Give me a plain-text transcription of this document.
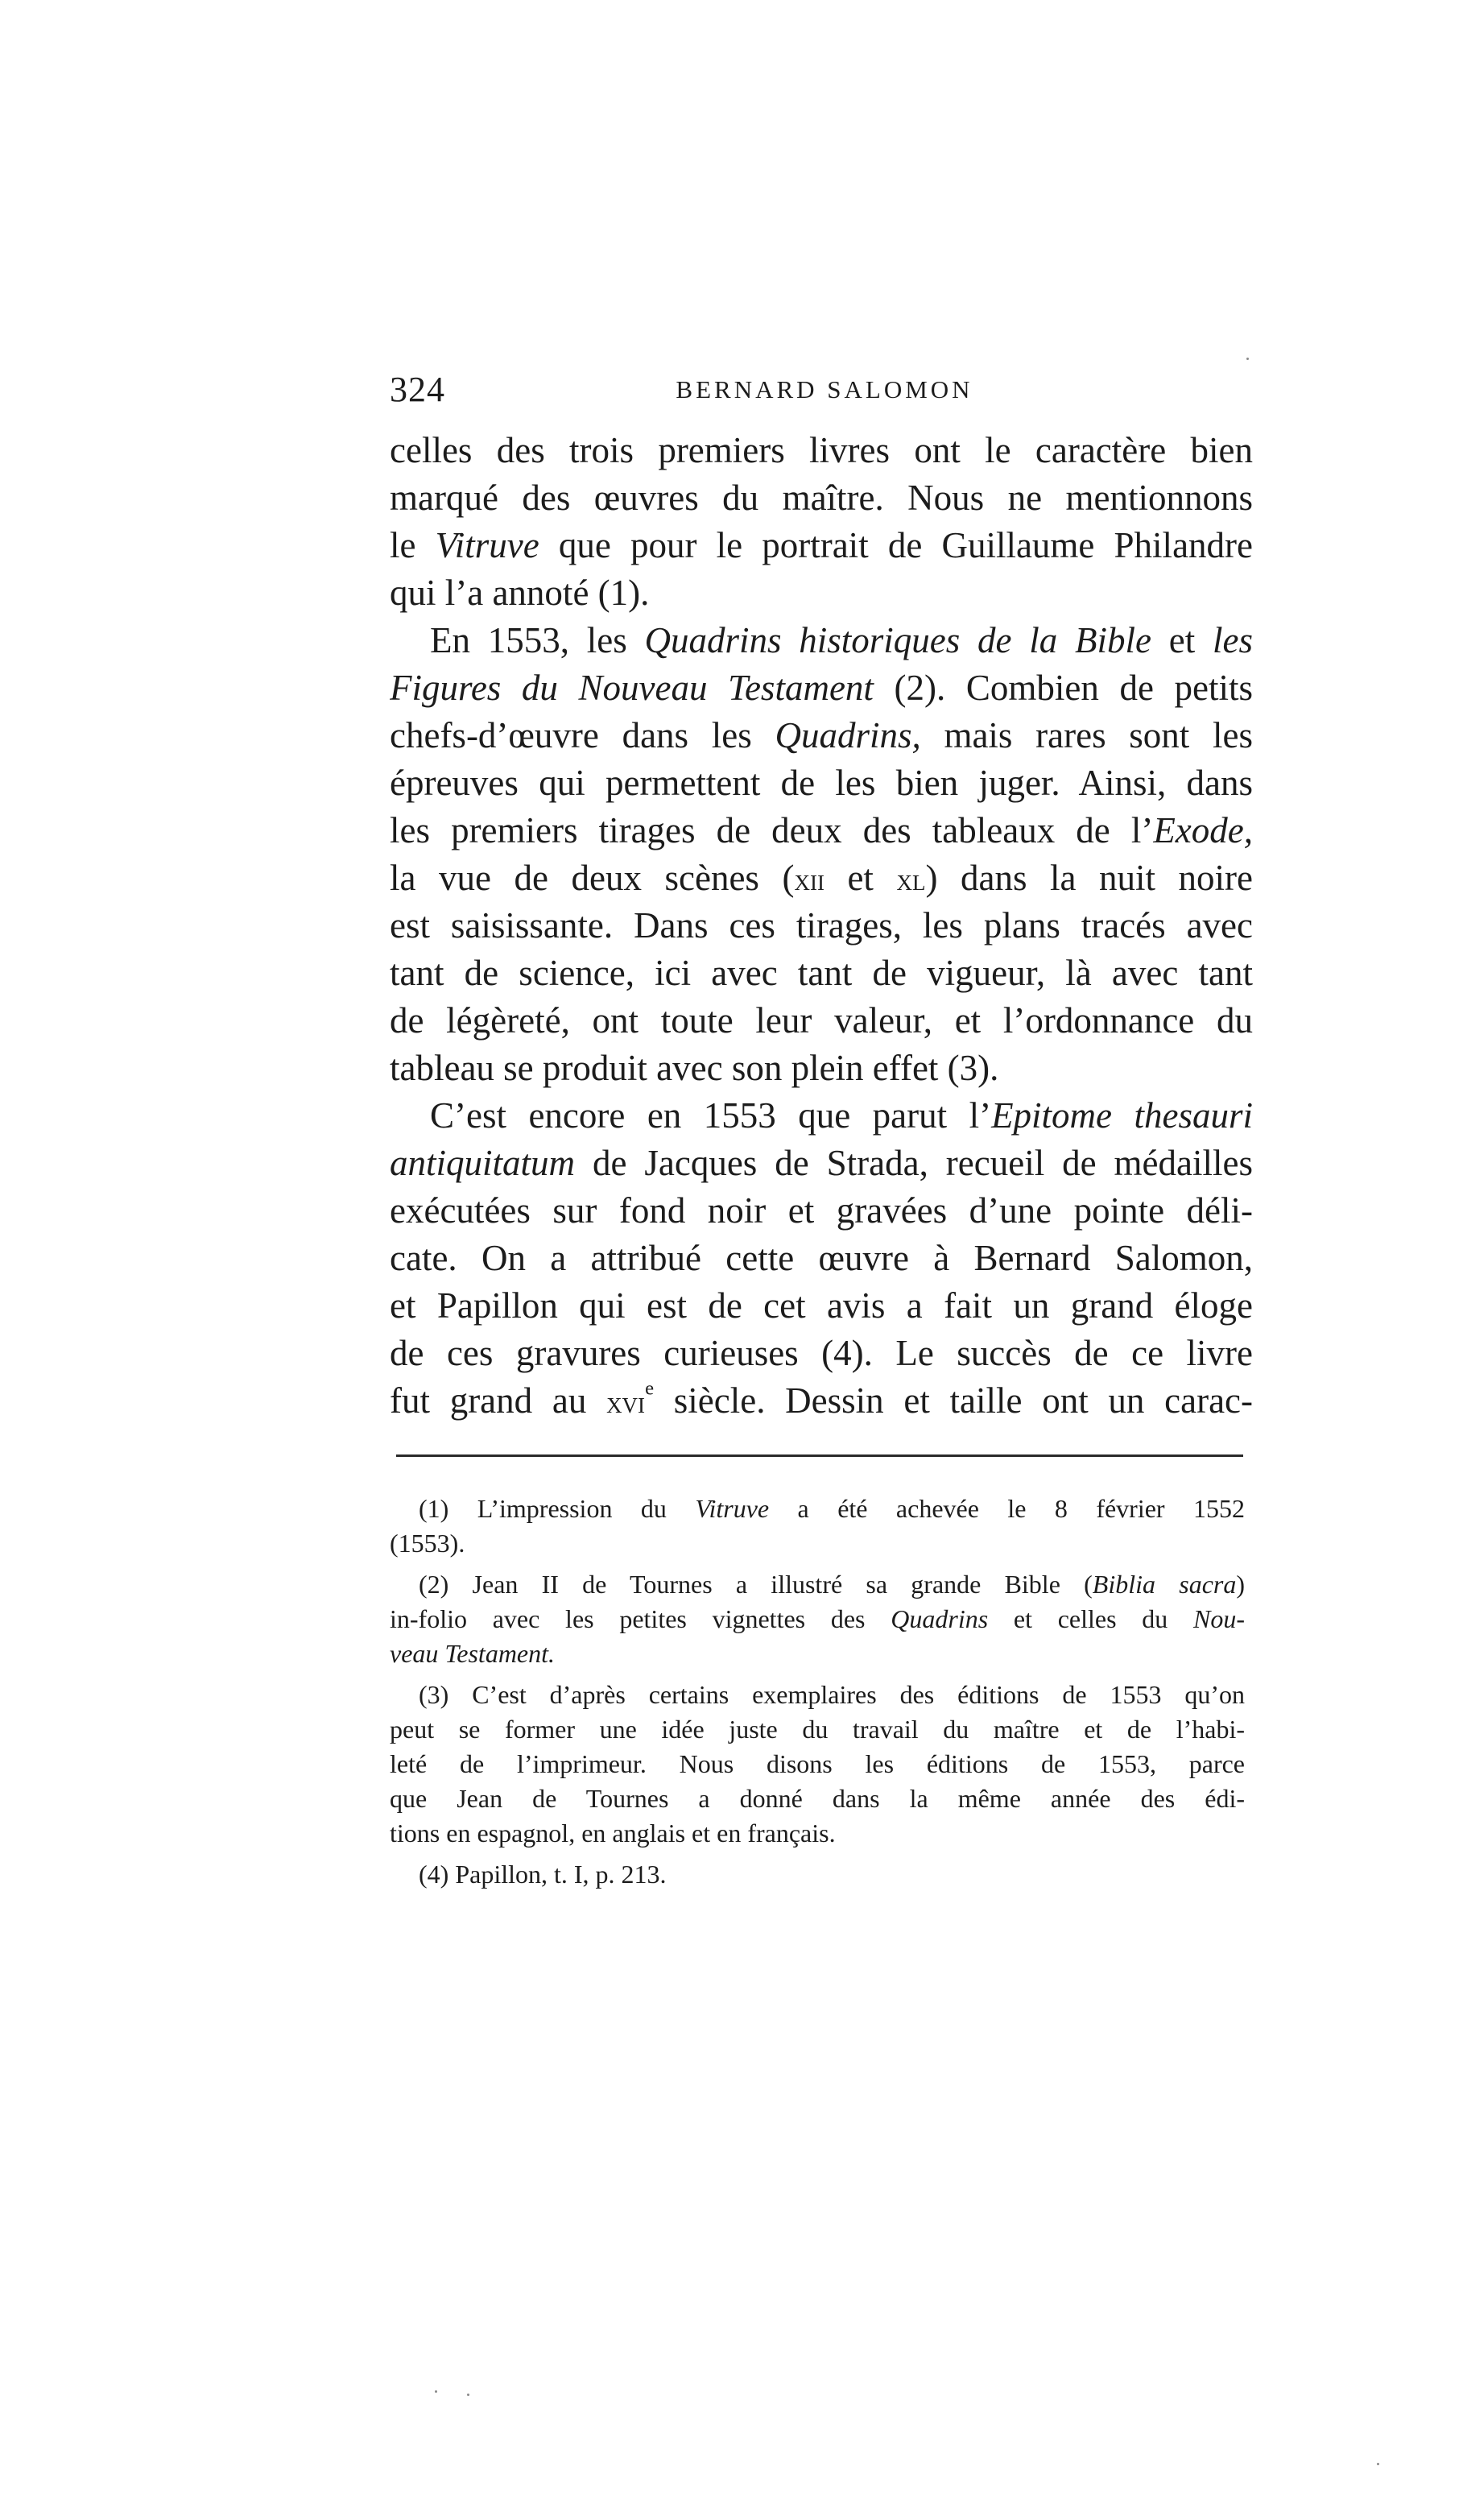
324	BERNARD SALOMON
celles des trois premiers livres ont le caractère bien
marqué des œuvres du maître. Nous ne mentionnons
le Vitruve que pour le portrait de Guillaume Philandre
qui l’a annoté (1).
En 1553, les Quadrins historiques de la Bible et les
Figures du Nouveau Testament (2). Combien de petits
chefs-d’œuvre dans les Quadrins, mais rares sont les
épreuves qui permettent de les bien juger. Ainsi, dans
les premiers tirages de deux des tableaux de l’Exode,
la vue de deux scènes (xii et xl) dans la nuit noire
est saisissante. Dans ces tirages, les plans tracés avec
tant de science, ici avec tant de vigueur, là avec tant
de légèreté, ont toute leur valeur, et l’ordonnance du
tableau se produit avec son plein effet (3).
C’est encore en 1553 que parut l’Epitome thesauri
antiquitatum de Jacques de Strada, recueil de médailles
exécutées sur fond noir et gravées d’une pointe déli-
cate. On a attribué cette œuvre à Bernard Salomon,
et Papillon qui est de cet avis a fait un grand éloge
de ces gravures curieuses (4). Le succès de ce livre
fut grand au xvi$^e$ siècle. Dessin et taille ont un carac-
(1) L’impression du Vitruve a été achevée le 8 février 1552
(1553).
(2) Jean II de Tournes a illustré sa grande Bible (Biblia sacra)
in-folio avec les petites vignettes des Quadrins et celles du Nou-
veau Testament.
(3) C’est d’après certains exemplaires des éditions de 1553 qu’on
peut se former une idée juste du travail du maître et de l’habi-
leté de l’imprimeur. Nous disons les éditions de 1553, parce
que Jean de Tournes a donné dans la même année des édi-
tions en espagnol, en anglais et en français.
(4) Papillon, t. I, p. 213.
